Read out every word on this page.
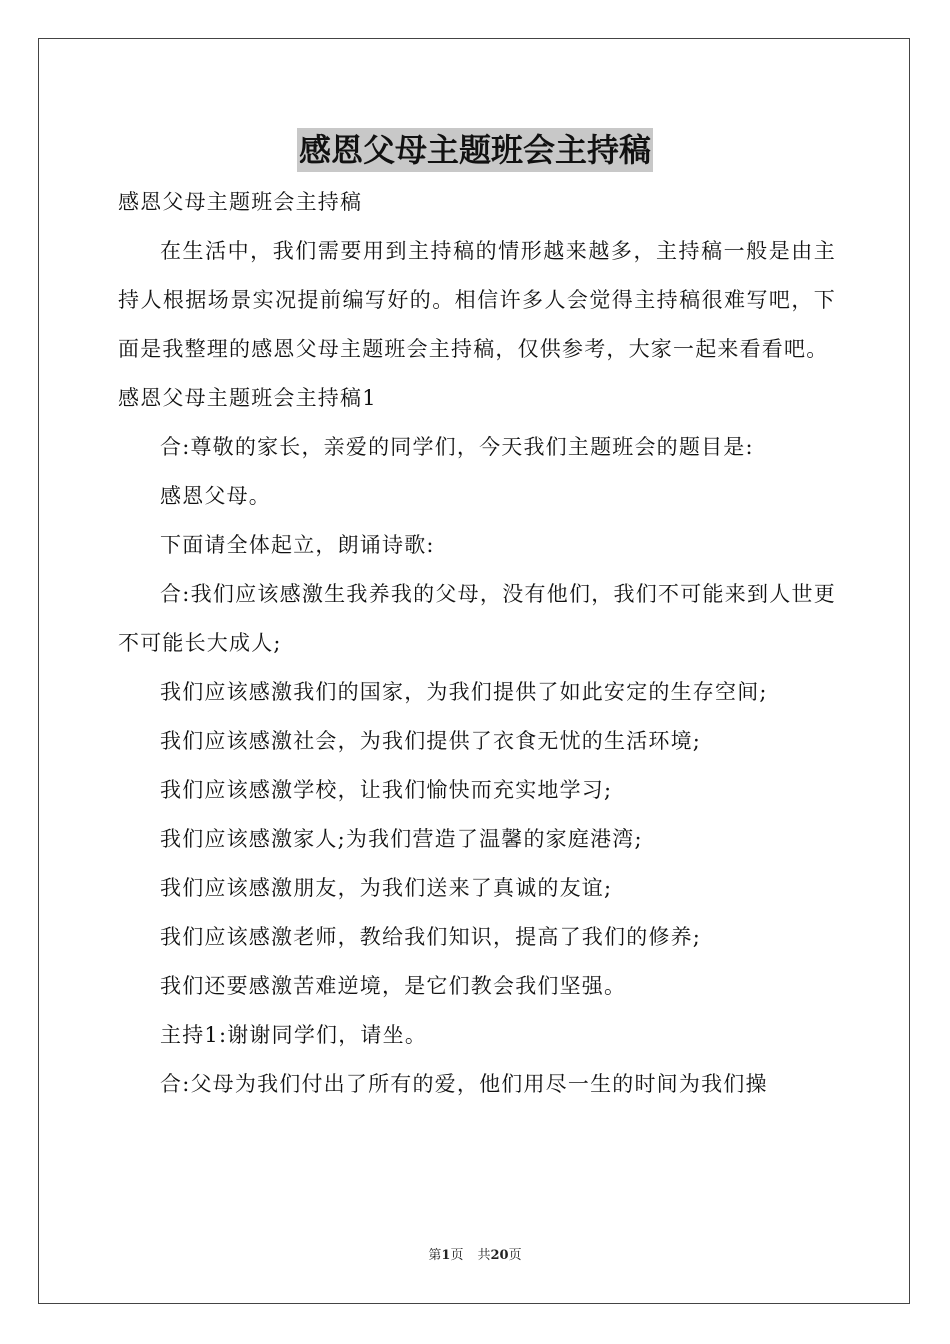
感恩父母主题班会主持稿

感恩父母主题班会主持稿

在生活中，我们需要用到主持稿的情形越来越多，主持稿一般是由主持人根据场景实况提前编写好的。相信许多人会觉得主持稿很难写吧，下面是我整理的感恩父母主题班会主持稿，仅供参考，大家一起来看看吧。

感恩父母主题班会主持稿1

合:尊敬的家长，亲爱的同学们，今天我们主题班会的题目是:

感恩父母。

下面请全体起立，朗诵诗歌:

合:我们应该感激生我养我的父母，没有他们，我们不可能来到人世更不可能长大成人;

我们应该感激我们的国家，为我们提供了如此安定的生存空间;

我们应该感激社会，为我们提供了衣食无忧的生活环境;

我们应该感激学校，让我们愉快而充实地学习;

我们应该感激家人;为我们营造了温馨的家庭港湾;

我们应该感激朋友，为我们送来了真诚的友谊;

我们应该感激老师，教给我们知识，提高了我们的修养;

我们还要感激苦难逆境，是它们教会我们坚强。

主持1:谢谢同学们，请坐。

合:父母为我们付出了所有的爱，他们用尽一生的时间为我们操

第1页 共20页
